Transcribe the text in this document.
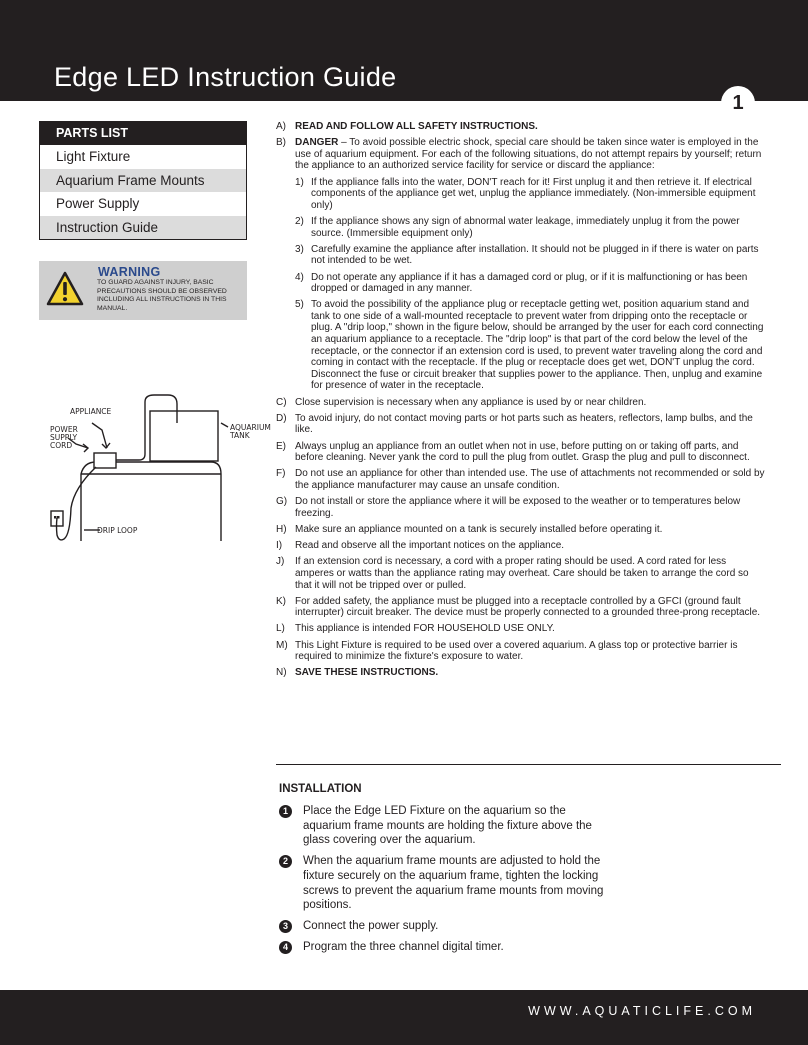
Edge LED Instruction Guide
1
PARTS LIST
Light Fixture
Aquarium Frame Mounts
Power Supply
Instruction Guide
WARNING
TO GUARD AGAINST INJURY, BASIC PRECAUTIONS SHOULD BE OBSERVED INCLUDING ALL INSTRUCTIONS IN THIS MANUAL.
APPLIANCE
POWER
SUPPLY
CORD
AQUARIUM
TANK
DRIP LOOP
A) READ AND FOLLOW ALL SAFETY INSTRUCTIONS.
B) DANGER – To avoid possible electric shock, special care should be taken since water is employed in the use of aquarium equipment. For each of the following situations, do not attempt repairs by yourself; return the appliance to an authorized service facility for service or discard the appliance:
1) If the appliance falls into the water, DON'T reach for it! First unplug it and then retrieve it. If electrical components of the appliance get wet, unplug the appliance immediately. (Non-immersible equipment only)
2) If the appliance shows any sign of abnormal water leakage, immediately unplug it from the power source. (Immersible equipment only)
3) Carefully examine the appliance after installation. It should not be plugged in if there is water on parts not intended to be wet.
4) Do not operate any appliance if it has a damaged cord or plug, or if it is malfunctioning or has been dropped or damaged in any manner.
5) To avoid the possibility of the appliance plug or receptacle getting wet, position aquarium stand and tank to one side of a wall-mounted receptacle to prevent water from dripping onto the receptacle or plug. A "drip loop," shown in the figure below, should be arranged by the user for each cord connecting an aquarium appliance to a receptacle. The "drip loop" is that part of the cord below the level of the receptacle, or the connector if an extension cord is used, to prevent water traveling along the cord and coming in contact with the receptacle. If the plug or receptacle does get wet, DON'T unplug the cord. Disconnect the fuse or circuit breaker that supplies power to the appliance. Then, unplug and examine for presence of water in the receptacle.
C) Close supervision is necessary when any appliance is used by or near children.
D) To avoid injury, do not contact moving parts or hot parts such as heaters, reflectors, lamp bulbs, and the like.
E) Always unplug an appliance from an outlet when not in use, before putting on or taking off parts, and before cleaning. Never yank the cord to pull the plug from outlet. Grasp the plug and pull to disconnect.
F) Do not use an appliance for other than intended use. The use of attachments not recommended or sold by the appliance manufacturer may cause an unsafe condition.
G) Do not install or store the appliance where it will be exposed to the weather or to temperatures below freezing.
H) Make sure an appliance mounted on a tank is securely installed before operating it.
I) Read and observe all the important notices on the appliance.
J) If an extension cord is necessary, a cord with a proper rating should be used. A cord rated for less amperes or watts than the appliance rating may overheat. Care should be taken to arrange the cord so that it will not be tripped over or pulled.
K) For added safety, the appliance must be plugged into a receptacle controlled by a GFCI (ground fault interrupter) circuit breaker. The device must be properly connected to a grounded three-prong receptacle.
L) This appliance is intended FOR HOUSEHOLD USE ONLY.
M) This Light Fixture is required to be used over a covered aquarium. A glass top or protective barrier is required to minimize the fixture's exposure to water.
N) SAVE THESE INSTRUCTIONS.
INSTALLATION
1	Place the Edge LED Fixture on the aquarium so the aquarium frame mounts are holding the fixture above the glass covering over the aquarium.
2	When the aquarium frame mounts are adjusted to hold the fixture securely on the aquarium frame, tighten the locking screws to prevent the aquarium frame mounts from moving positions.
3	Connect the power supply.
4	Program the three channel digital timer.
WWW.AQUATICLIFE.COM
